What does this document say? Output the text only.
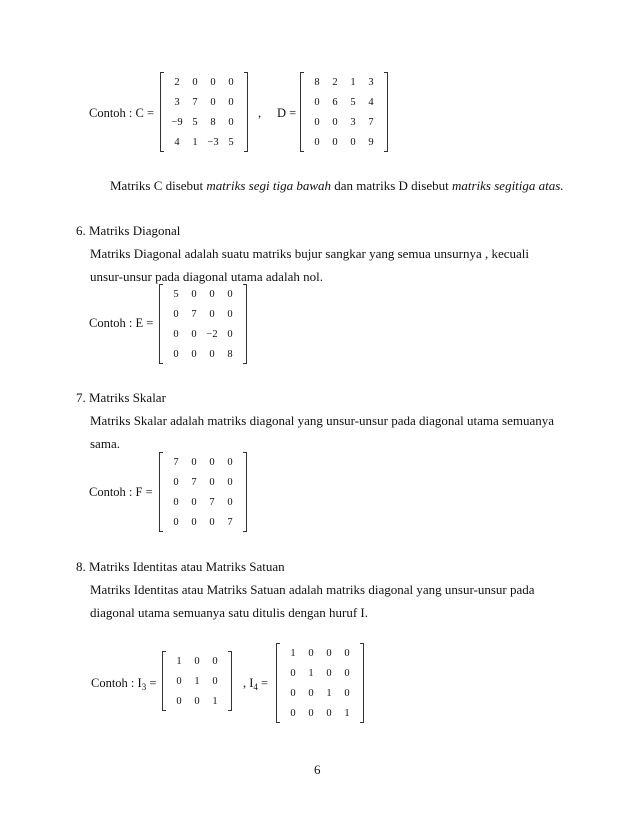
Contoh : C =
2	0	0	0
3	7	0	0
−9	5	8	0
4	1	−3	5
, D =
8	2	1	3
0	6	5	4
0	0	3	7
0	0	0	9
Matriks C disebut matriks segi tiga bawah dan matriks D disebut matriks segitiga atas.
6. Matriks Diagonal
Matriks Diagonal adalah suatu matriks bujur sangkar yang semua unsurnya , kecuali
unsur-unsur pada diagonal utama adalah nol.
Contoh : E =
5	0	0	0
0	7	0	0
0	0	−2	0
0	0	0	8
7. Matriks Skalar
Matriks Skalar adalah matriks diagonal yang unsur-unsur pada diagonal utama semuanya
sama.
Contoh : F =
7	0	0	0
0	7	0	0
0	0	7	0
0	0	0	7
8. Matriks Identitas atau Matriks Satuan
Matriks Identitas atau Matriks Satuan adalah matriks diagonal yang unsur-unsur pada
diagonal utama semuanya satu ditulis dengan huruf I.
Contoh : $I_3$ =
1	0	0
0	1	0
0	0	1
, $I_4$ =
1	0	0	0
0	1	0	0
0	0	1	0
0	0	0	1
6
